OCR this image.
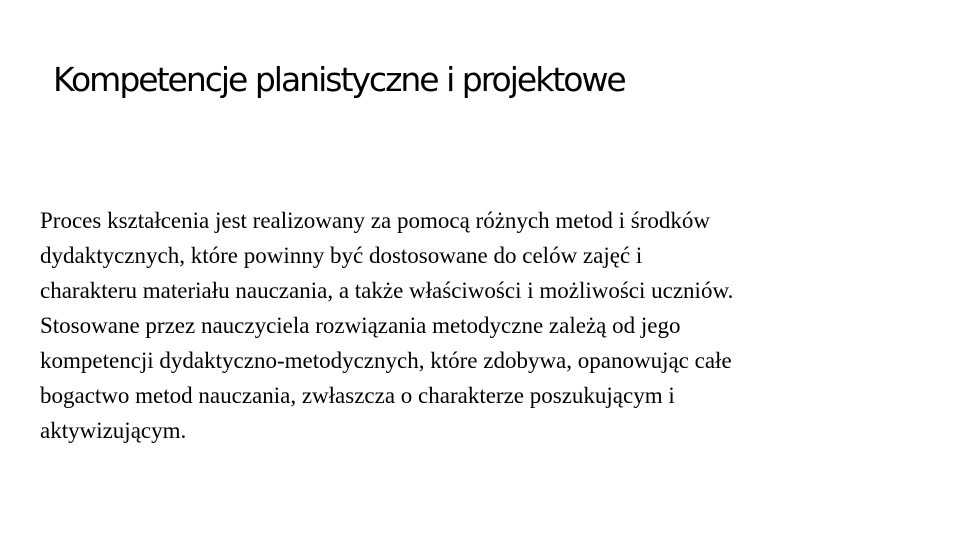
Kompetencje planistyczne i projektowe

Proces kształcenia jest realizowany za pomocą różnych metod i środków
dydaktycznych, które powinny być dostosowane do celów zajęć i
charakteru materiału nauczania, a także właściwości i możliwości uczniów.
Stosowane przez nauczyciela rozwiązania metodyczne zależą od jego
kompetencji dydaktyczno-metodycznych, które zdobywa, opanowując całe
bogactwo metod nauczania, zwłaszcza o charakterze poszukującym i
aktywizującym.
